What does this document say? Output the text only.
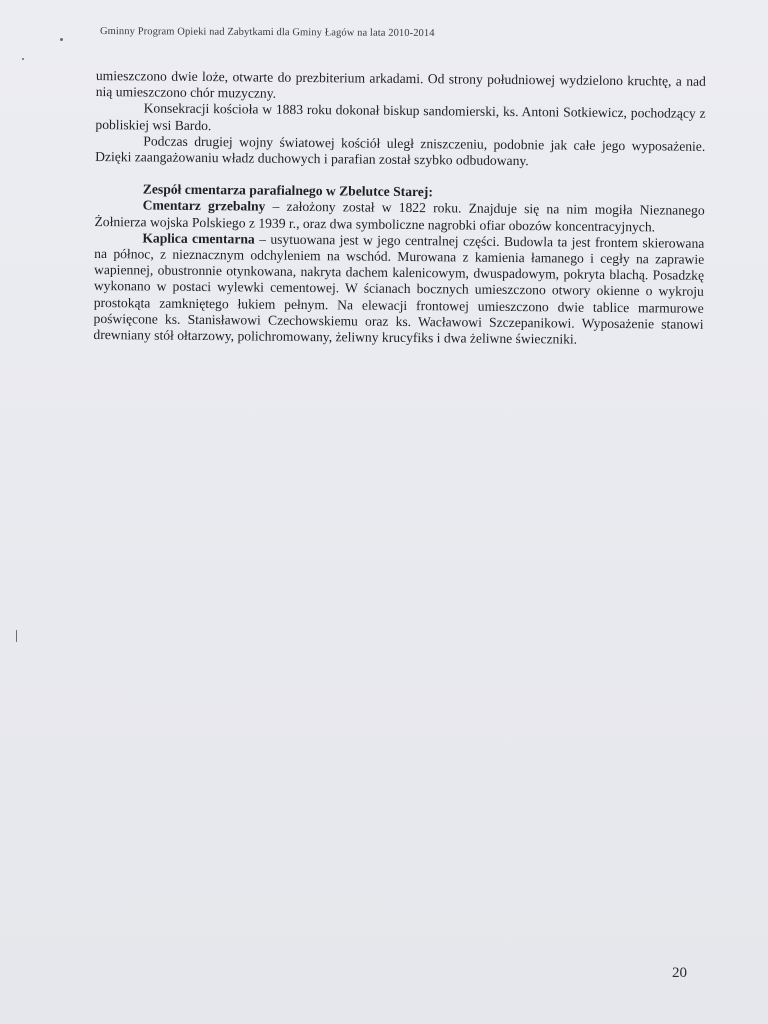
Gminny Program Opieki nad Zabytkami dla Gminy Łagów na lata 2010-2014

umieszczono dwie loże, otwarte do prezbiterium arkadami. Od strony południowej wydzielono kruchtę, a nad nią umieszczono chór muzyczny.

Konsekracji kościoła w 1883 roku dokonał biskup sandomierski, ks. Antoni Sotkiewicz, pochodzący z pobliskiej wsi Bardo.

Podczas drugiej wojny światowej kościół uległ zniszczeniu, podobnie jak całe jego wyposażenie. Dzięki zaangażowaniu władz duchowych i parafian został szybko odbudowany.

Zespół cmentarza parafialnego w Zbelutce Starej:

Cmentarz grzebalny – założony został w 1822 roku. Znajduje się na nim mogiła Nieznanego Żołnierza wojska Polskiego z 1939 r., oraz dwa symboliczne nagrobki ofiar obozów koncentracyjnych.

Kaplica cmentarna – usytuowana jest w jego centralnej części. Budowla ta jest frontem skierowana na północ, z nieznacznym odchyleniem na wschód. Murowana z kamienia łamanego i cegły na zaprawie wapiennej, obustronnie otynkowana, nakryta dachem kalenicowym, dwuspadowym, pokryta blachą. Posadzkę wykonano w postaci wylewki cementowej. W ścianach bocznych umieszczono otwory okienne o wykroju prostokąta zamkniętego łukiem pełnym. Na elewacji frontowej umieszczono dwie tablice marmurowe poświęcone ks. Stanisławowi Czechowskiemu oraz ks. Wacławowi Szczepanikowi. Wyposażenie stanowi drewniany stół ołtarzowy, polichromowany, żeliwny krucyfiks i dwa żeliwne świeczniki.

20
